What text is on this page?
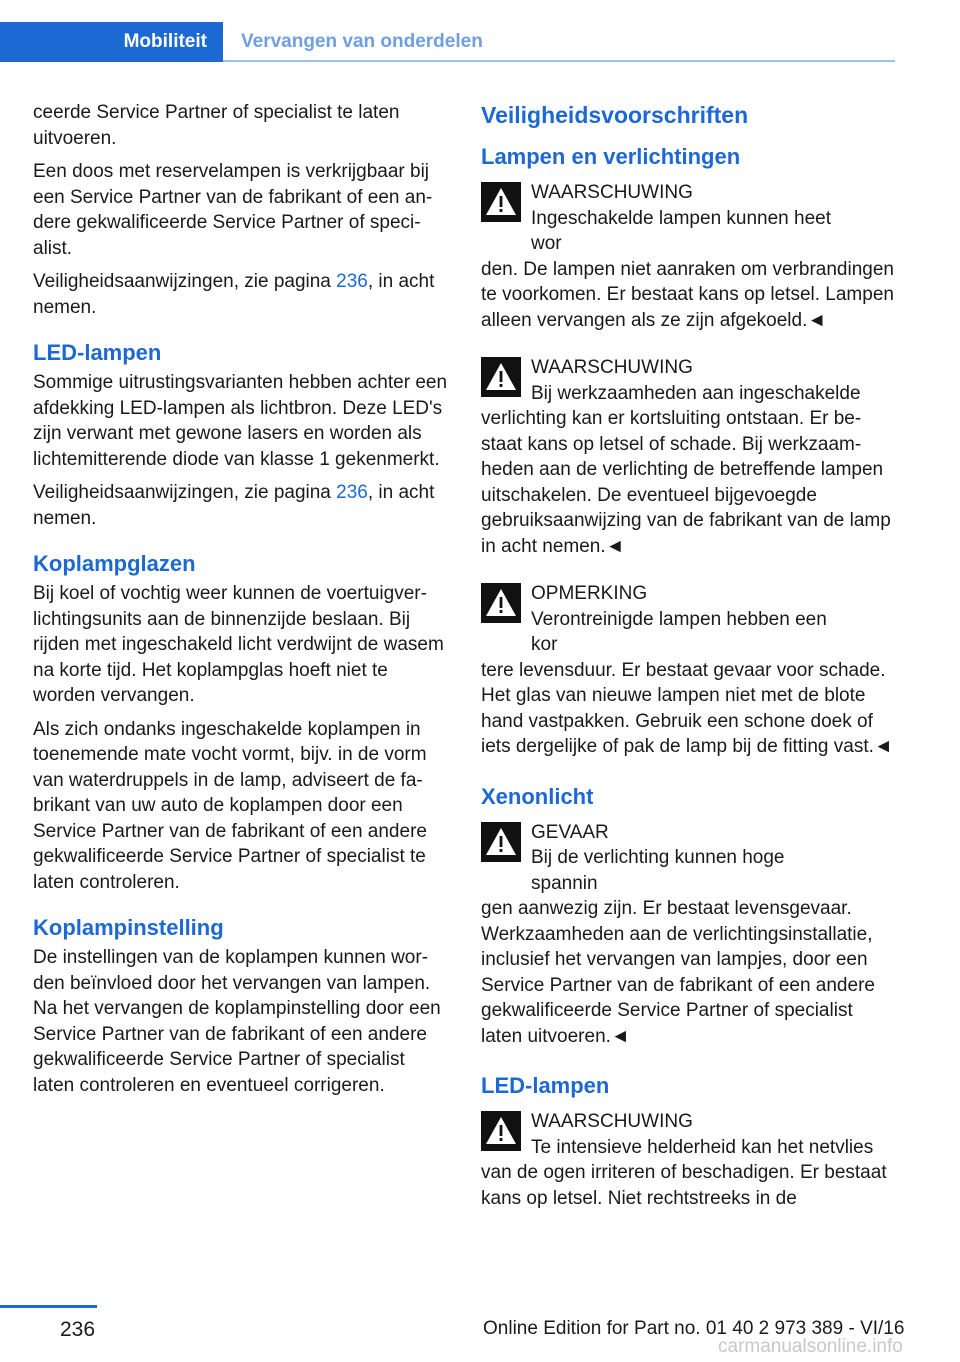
Mobiliteit	Vervangen van onderdelen

ceerde Service Partner of specialist te laten uitvoeren.

Een doos met reservelampen is verkrijgbaar bij een Service Partner van de fabrikant of een andere gekwalificeerde Service Partner of specialist.

Veiligheidsaanwijzingen, zie pagina 236, in acht nemen.

LED-lampen

Sommige uitrustingsvarianten hebben achter een afdekking LED-lampen als lichtbron. Deze LED's zijn verwant met gewone lasers en worden als lichtemitterende diode van klasse 1 gekenmerkt.

Veiligheidsaanwijzingen, zie pagina 236, in acht nemen.

Koplampglazen

Bij koel of vochtig weer kunnen de voertuigverlichtingsunits aan de binnenzijde beslaan. Bij rijden met ingeschakeld licht verdwijnt de wasem na korte tijd. Het koplampglas hoeft niet te worden vervangen.

Als zich ondanks ingeschakelde koplampen in toenemende mate vocht vormt, bijv. in de vorm van waterdruppels in de lamp, adviseert de fabrikant van uw auto de koplampen door een Service Partner van de fabrikant of een andere gekwalificeerde Service Partner of specialist te laten controleren.

Koplampinstelling

De instellingen van de koplampen kunnen worden beïnvloed door het vervangen van lampen. Na het vervangen de koplampinstelling door een Service Partner van de fabrikant of een andere gekwalificeerde Service Partner of specialist laten controleren en eventueel corrigeren.

Veiligheidsvoorschriften
Lampen en verlichtingen
WAARSCHUWING
Ingeschakelde lampen kunnen heet wor

den. De lampen niet aanraken om verbrandingen te voorkomen. Er bestaat kans op letsel. Lampen alleen vervangen als ze zijn afgekoeld.◄

WAARSCHUWING
Bij werkzaamheden aan ingeschakelde

verlichting kan er kortsluiting ontstaan. Er bestaat kans op letsel of schade. Bij werkzaamheden aan de verlichting de betreffende lampen uitschakelen. De eventueel bijgevoegde gebruiksaanwijzing van de fabrikant van de lamp in acht nemen.◄

OPMERKING
Verontreinigde lampen hebben een kor

tere levensduur. Er bestaat gevaar voor schade. Het glas van nieuwe lampen niet met de blote hand vastpakken. Gebruik een schone doek of iets dergelijke of pak de lamp bij de fitting vast.◄

Xenonlicht
GEVAAR
Bij de verlichting kunnen hoge spannin

gen aanwezig zijn. Er bestaat levensgevaar. Werkzaamheden aan de verlichtingsinstallatie, inclusief het vervangen van lampjes, door een Service Partner van de fabrikant of een andere gekwalificeerde Service Partner of specialist laten uitvoeren.◄

LED-lampen
WAARSCHUWING
Te intensieve helderheid kan het netvlies

van de ogen irriteren of beschadigen. Er bestaat kans op letsel. Niet rechtstreeks in de

236	Online Edition for Part no. 01 40 2 973 389 - VI/16
carmanualsonline.info
